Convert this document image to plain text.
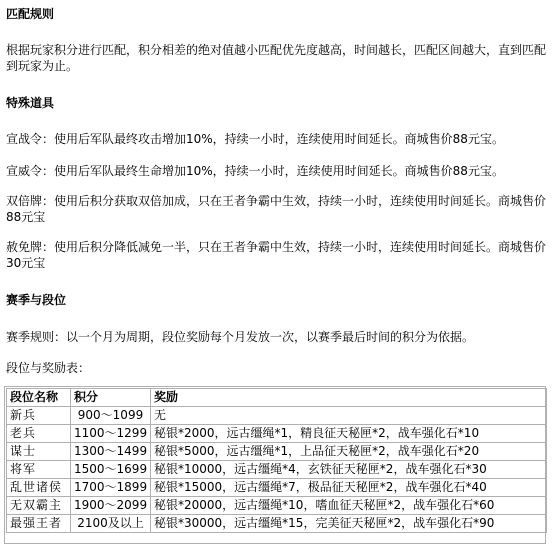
匹配规则
根据玩家积分进行匹配，积分相差的绝对值越小匹配优先度越高，时间越长，匹配区间越大，直到匹配到玩家为止。
特殊道具
宣战令：使用后军队最终攻击增加10%，持续一小时，连续使用时间延长。商城售价88元宝。
宣威令：使用后军队最终生命增加10%，持续一小时，连续使用时间延长。商城售价88元宝。
双倍牌：使用后积分获取双倍加成，只在王者争霸中生效，持续一小时，连续使用时间延长。商城售价88元宝
赦免牌：使用后积分降低减免一半，只在王者争霸中生效，持续一小时，连续使用时间延长。商城售价30元宝
赛季与段位
赛季规则：以一个月为周期，段位奖励每个月发放一次，以赛季最后时间的积分为依据。
段位与奖励表：
段位名称	积分	奖励
新兵	900～1099	无
老兵	1100～1299	秘银*2000，远古缰绳*1，精良征天秘匣*2，战车强化石*10
谋士	1300～1499	秘银*5000，远古缰绳*1，上品征天秘匣*2，战车强化石*20
将军	1500～1699	秘银*10000，远古缰绳*4，玄铁征天秘匣*2，战车强化石*30
乱世诸侯	1700～1899	秘银*15000，远古缰绳*7，极品征天秘匣*2，战车强化石*40
无双霸主	1900～2099	秘银*20000，远古缰绳*10，嗜血征天秘匣*2，战车强化石*60
最强王者	2100及以上	秘银*30000，远古缰绳*15，完美征天秘匣*2，战车强化石*90
